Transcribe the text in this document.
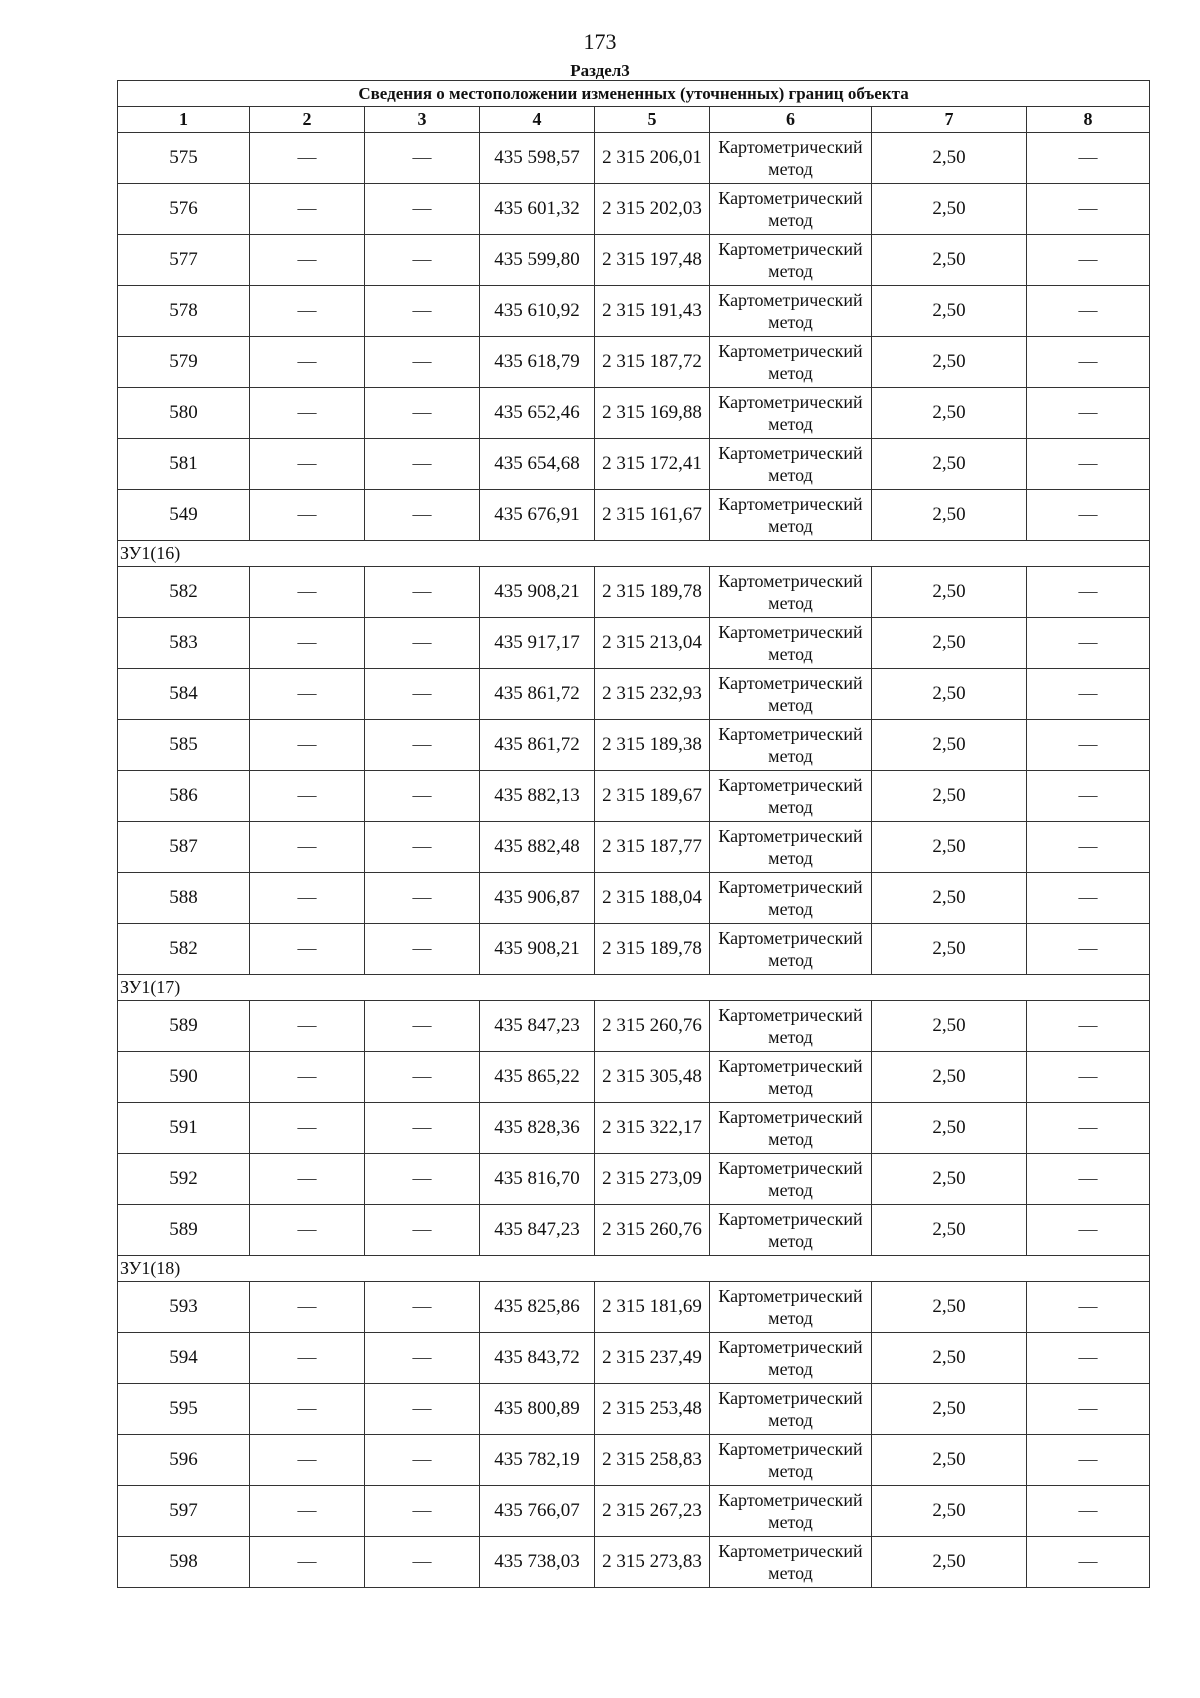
173
Раздел3
Сведения о местоположении измененных (уточненных) границ объекта							
1	2	3	4	5	6	7	8
575	—	—	435 598,57	2 315 206,01	Картометрический метод	2,50	—
576	—	—	435 601,32	2 315 202,03	Картометрический метод	2,50	—
577	—	—	435 599,80	2 315 197,48	Картометрический метод	2,50	—
578	—	—	435 610,92	2 315 191,43	Картометрический метод	2,50	—
579	—	—	435 618,79	2 315 187,72	Картометрический метод	2,50	—
580	—	—	435 652,46	2 315 169,88	Картометрический метод	2,50	—
581	—	—	435 654,68	2 315 172,41	Картометрический метод	2,50	—
549	—	—	435 676,91	2 315 161,67	Картометрический метод	2,50	—
ЗУ1(16)							
582	—	—	435 908,21	2 315 189,78	Картометрический метод	2,50	—
583	—	—	435 917,17	2 315 213,04	Картометрический метод	2,50	—
584	—	—	435 861,72	2 315 232,93	Картометрический метод	2,50	—
585	—	—	435 861,72	2 315 189,38	Картометрический метод	2,50	—
586	—	—	435 882,13	2 315 189,67	Картометрический метод	2,50	—
587	—	—	435 882,48	2 315 187,77	Картометрический метод	2,50	—
588	—	—	435 906,87	2 315 188,04	Картометрический метод	2,50	—
582	—	—	435 908,21	2 315 189,78	Картометрический метод	2,50	—
ЗУ1(17)							
589	—	—	435 847,23	2 315 260,76	Картометрический метод	2,50	—
590	—	—	435 865,22	2 315 305,48	Картометрический метод	2,50	—
591	—	—	435 828,36	2 315 322,17	Картометрический метод	2,50	—
592	—	—	435 816,70	2 315 273,09	Картометрический метод	2,50	—
589	—	—	435 847,23	2 315 260,76	Картометрический метод	2,50	—
ЗУ1(18)							
593	—	—	435 825,86	2 315 181,69	Картометрический метод	2,50	—
594	—	—	435 843,72	2 315 237,49	Картометрический метод	2,50	—
595	—	—	435 800,89	2 315 253,48	Картометрический метод	2,50	—
596	—	—	435 782,19	2 315 258,83	Картометрический метод	2,50	—
597	—	—	435 766,07	2 315 267,23	Картометрический метод	2,50	—
598	—	—	435 738,03	2 315 273,83	Картометрический метод	2,50	—
